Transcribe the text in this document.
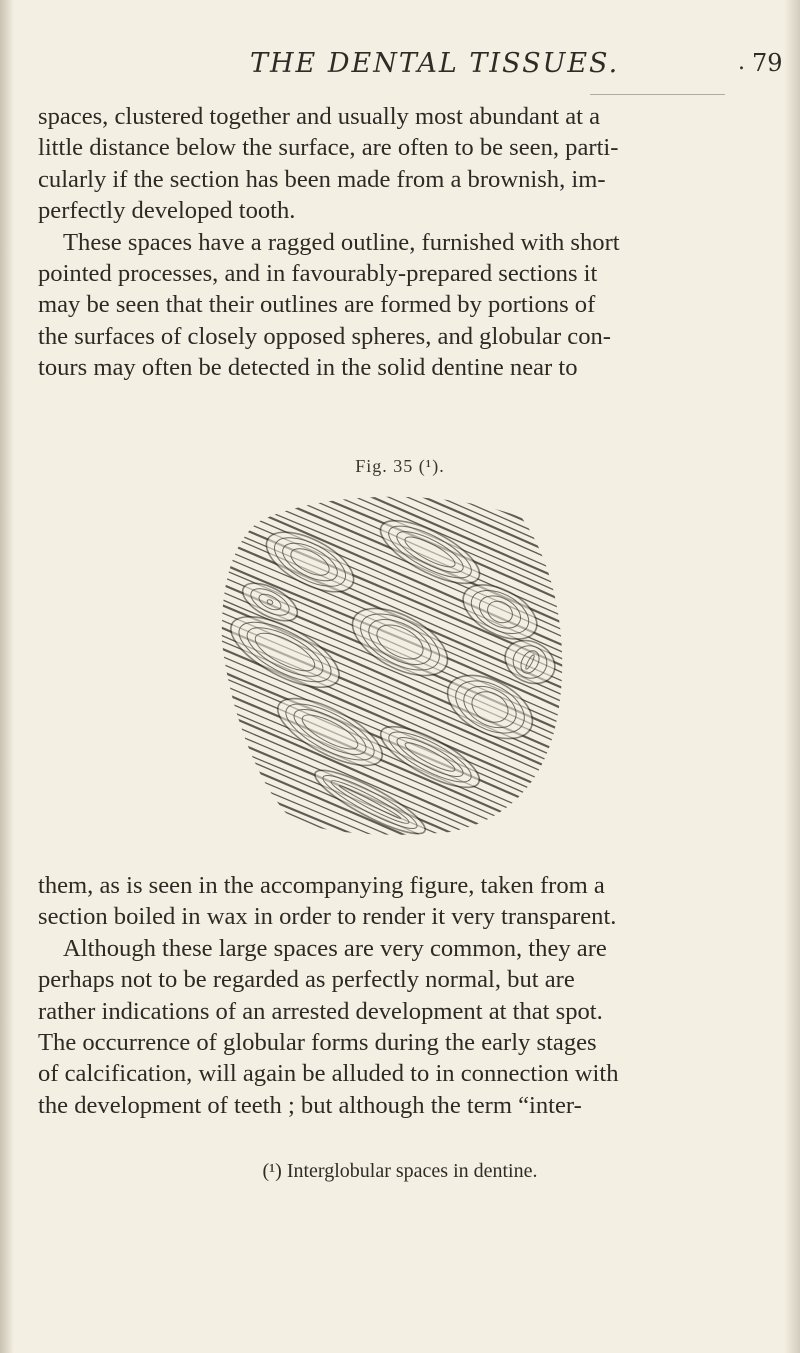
THE DENTAL TISSUES.	. 79

spaces, clustered together and usually most abundant at a
little distance below the surface, are often to be seen, parti-
cularly if the section has been made from a brownish, im-
perfectly developed tooth.
These spaces have a ragged outline, furnished with short
pointed processes, and in favourably-prepared sections it
may be seen that their outlines are formed by portions of
the surfaces of closely opposed spheres, and globular con-
tours may often be detected in the solid dentine near to

Fig. 35 (¹).

them, as is seen in the accompanying figure, taken from a
section boiled in wax in order to render it very transparent.
Although these large spaces are very common, they are
perhaps not to be regarded as perfectly normal, but are
rather indications of an arrested development at that spot.
The occurrence of globular forms during the early stages
of calcification, will again be alluded to in connection with
the development of teeth ; but although the term “inter-

(¹) Interglobular spaces in dentine.
